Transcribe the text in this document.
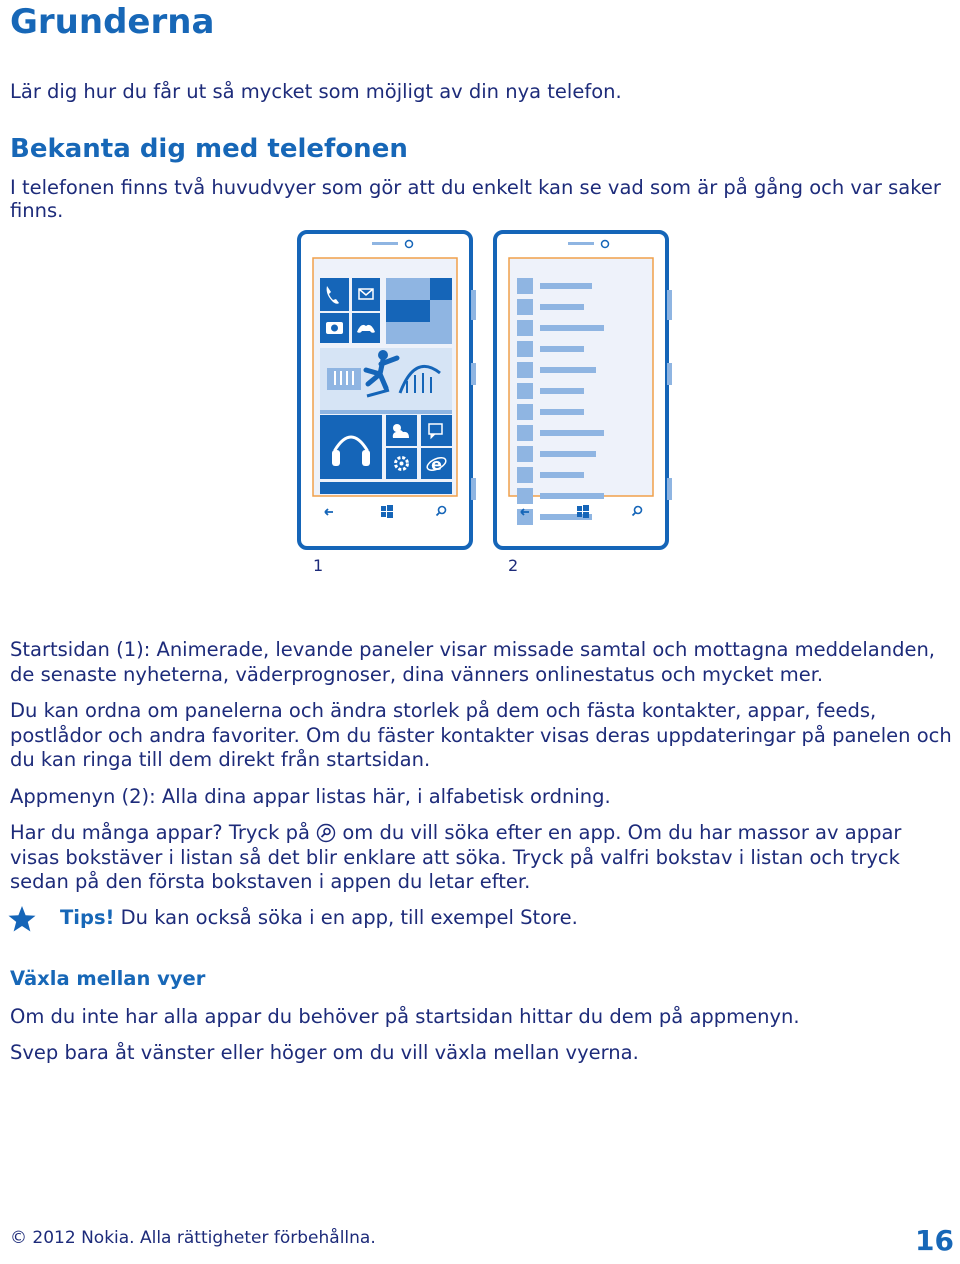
Grunderna
Lär dig hur du får ut så mycket som möjligt av din nya telefon.
Bekanta dig med telefonen
I telefonen finns två huvudvyer som gör att du enkelt kan se vad som är på gång och var saker finns.
e
1	2
Startsidan (1): Animerade, levande paneler visar missade samtal och mottagna meddelanden, de senaste nyheterna, väderprognoser, dina vänners onlinestatus och mycket mer.
Du kan ordna om panelerna och ändra storlek på dem och fästa kontakter, appar, feeds, postlådor och andra favoriter. Om du fäster kontakter visas deras uppdateringar på panelen och du kan ringa till dem direkt från startsidan.
Appmenyn (2): Alla dina appar listas här, i alfabetisk ordning.
Har du många appar? Tryck på om du vill söka efter en app. Om du har massor av appar visas bokstäver i listan så det blir enklare att söka. Tryck på valfri bokstav i listan och tryck sedan på den första bokstaven i appen du letar efter.
Tips! Du kan också söka i en app, till exempel Store.
Växla mellan vyer
Om du inte har alla appar du behöver på startsidan hittar du dem på appmenyn.
Svep bara åt vänster eller höger om du vill växla mellan vyerna.
© 2012 Nokia. Alla rättigheter förbehållna.	16
